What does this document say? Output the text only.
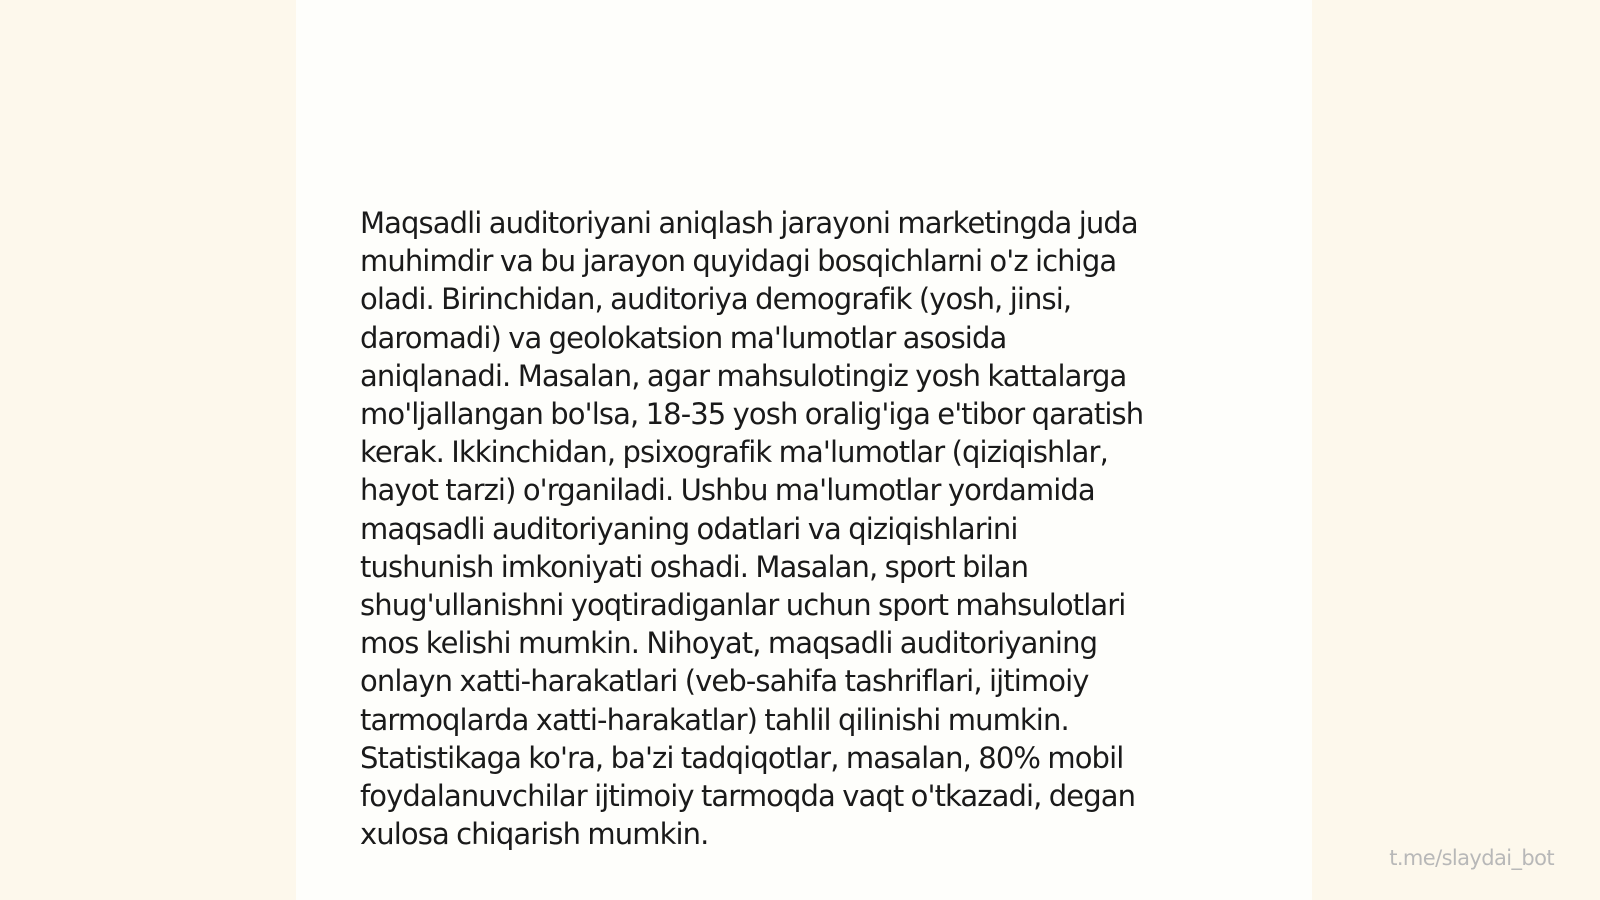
Maqsadli auditoriyani aniqlash jarayoni marketingda juda
muhimdir va bu jarayon quyidagi bosqichlarni o'z ichiga
oladi. Birinchidan, auditoriya demografik (yosh, jinsi,
daromadi) va geolokatsion ma'lumotlar asosida
aniqlanadi. Masalan, agar mahsulotingiz yosh kattalarga
mo'ljallangan bo'lsa, 18-35 yosh oralig'iga e'tibor qaratish
kerak. Ikkinchidan, psixografik ma'lumotlar (qiziqishlar,
hayot tarzi) o'rganiladi. Ushbu ma'lumotlar yordamida
maqsadli auditoriyaning odatlari va qiziqishlarini
tushunish imkoniyati oshadi. Masalan, sport bilan
shug'ullanishni yoqtiradiganlar uchun sport mahsulotlari
mos kelishi mumkin. Nihoyat, maqsadli auditoriyaning
onlayn xatti-harakatlari (veb-sahifa tashriflari, ijtimoiy
tarmoqlarda xatti-harakatlar) tahlil qilinishi mumkin.
Statistikaga ko'ra, ba'zi tadqiqotlar, masalan, 80% mobil
foydalanuvchilar ijtimoiy tarmoqda vaqt o'tkazadi, degan
xulosa chiqarish mumkin.
t.me/slaydai_bot
